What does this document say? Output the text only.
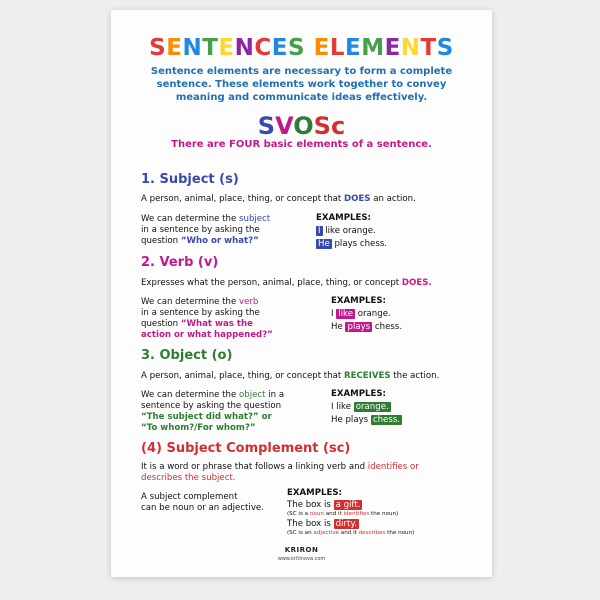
SENTENCES ELEMENTS
Sentence elements are necessary to form a complete sentence. These elements work together to convey meaning and communicate ideas effectively.
SVOSc
There are FOUR basic elements of a sentence.
1. Subject (s)
A person, animal, place, thing, or concept that DOES an action.
We can determine the subject
in a sentence by asking the
question “Who or what?”
EXAMPLES:
I like orange.
He plays chess.
2. Verb (v)
Expresses what the person, animal, place, thing, or concept DOES.
We can determine the verb
in a sentence by asking the
question “What was the
action or what happened?”
EXAMPLES:
I like orange.
He plays chess.
3. Object (o)
A person, animal, place, thing, or concept that RECEIVES the action.
We can determine the object in a
sentence by asking the question
“The subject did what?” or
“To whom?/For whom?”
EXAMPLES:
I like orange.
He plays chess.
(4) Subject Complement (sc)
It is a word or phrase that follows a linking verb and identifies or
describes the subject.
A subject complement
can be noun or an adjective.
EXAMPLES:
The box is a gift.
(SC is a noun and it identifies the noun)
The box is dirty.
(SC is an adjective and it describes the noun)
KRIRON
www.kritinova.com
